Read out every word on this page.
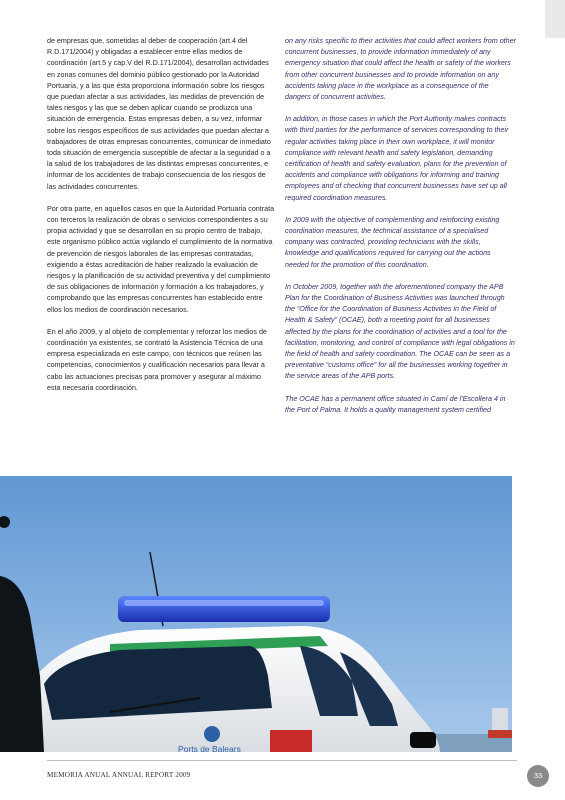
de empresas que, sometidas al deber de cooperación (art.4 del R.D.171/2004) y obligadas a establecer entre ellas medios de coordinación (art.5 y cap.V del R.D.171/2004), desarrollan actividades en zonas comunes del dominio público gestionado por la Autoridad Portuaria, y a las que ésta proporciona información sobre los riesgos que puedan afectar a sus actividades, las medidas de prevención de tales riesgos y las que se deben aplicar cuando se produzca una situación de emergencia. Estas empresas deben, a su vez, informar sobre los riesgos específicos de sus actividades que puedan afectar a trabajadores de otras empresas concurrentes, comunicar de inmediato toda situación de emergencia susceptible de afectar a la seguridad o a la salud de los trabajadores de las distintas empresas concurrentes, e informar de los accidentes de trabajo consecuencia de los riesgos de las actividades concurrentes.

Por otra parte, en aquellos casos en que la Autoridad Portuaria contrata con terceros la realización de obras o servicios correspondientes a su propia actividad y que se desarrollan en su propio centro de trabajo, este organismo público actúa vigilando el cumplimiento de la normativa de prevención de riesgos laborales de las empresas contratadas, exigiendo a éstas acreditación de haber realizado la evaluación de riesgos y la planificación de su actividad preventiva y del cumplimiento de sus obligaciones de información y formación a los trabajadores, y comprobando que las empresas concurrentes han establecido entre ellos los medios de coordinación necesarios.

En el año 2009, y al objeto de complementar y reforzar los medios de coordinación ya existentes, se contrató la Asistencia Técnica de una empresa especializada en este campo, con técnicos que reúnen las competencias, conocimientos y cualificación necesarios para llevar a cabo las actuaciones precisas para promover y asegurar al máximo esta necesaria coordinación.

on any risks specific to their activities that could affect workers from other concurrent businesses, to provide information immediately of any emergency situation that could affect the health or safety of the workers from other concurrent businesses and to provide information on any accidents taking place in the workplace as a consequence of the dangers of concurrent activities.

In addition, in those cases in which the Port Authority makes contracts with third parties for the performance of services corresponding to their regular activities taking place in their own workplace, it will monitor compliance with relevant health and safety legislation, demanding certification of health and safety evaluation, plans for the prevention of accidents and compliance with obligations for informing and training employees and of checking that concurrent businesses have set up all required coordination measures.

In 2009 with the objective of complementing and reinforcing existing coordination measures, the technical assistance of a specialised company was contracted, providing technicians with the skills, knowledge and qualifications required for carrying out the actions needed for the promotion of this coordination.

In October 2009, together with the aforementioned company the APB Plan for the Coordination of Business Activities was launched through the “Office for the Coordination of Business Activities in the Field of Health & Safety” (OCAE), both a meeting point for all businesses affected by the plans for the coordination of activities and a tool for the facilitation, monitoring, and control of compliance with legal obligations in the field of health and safety coordination. The OCAE can be seen as a preventative “customs office” for all the businesses working together in the service areas of the APB ports.

The OCAE has a permanent office situated in Camí de l'Escollera 4 in the Port of Palma. It holds a quality management system certified

Ports de Balears
MEMORIA ANUAL ANNUAL REPORT 2009	33
